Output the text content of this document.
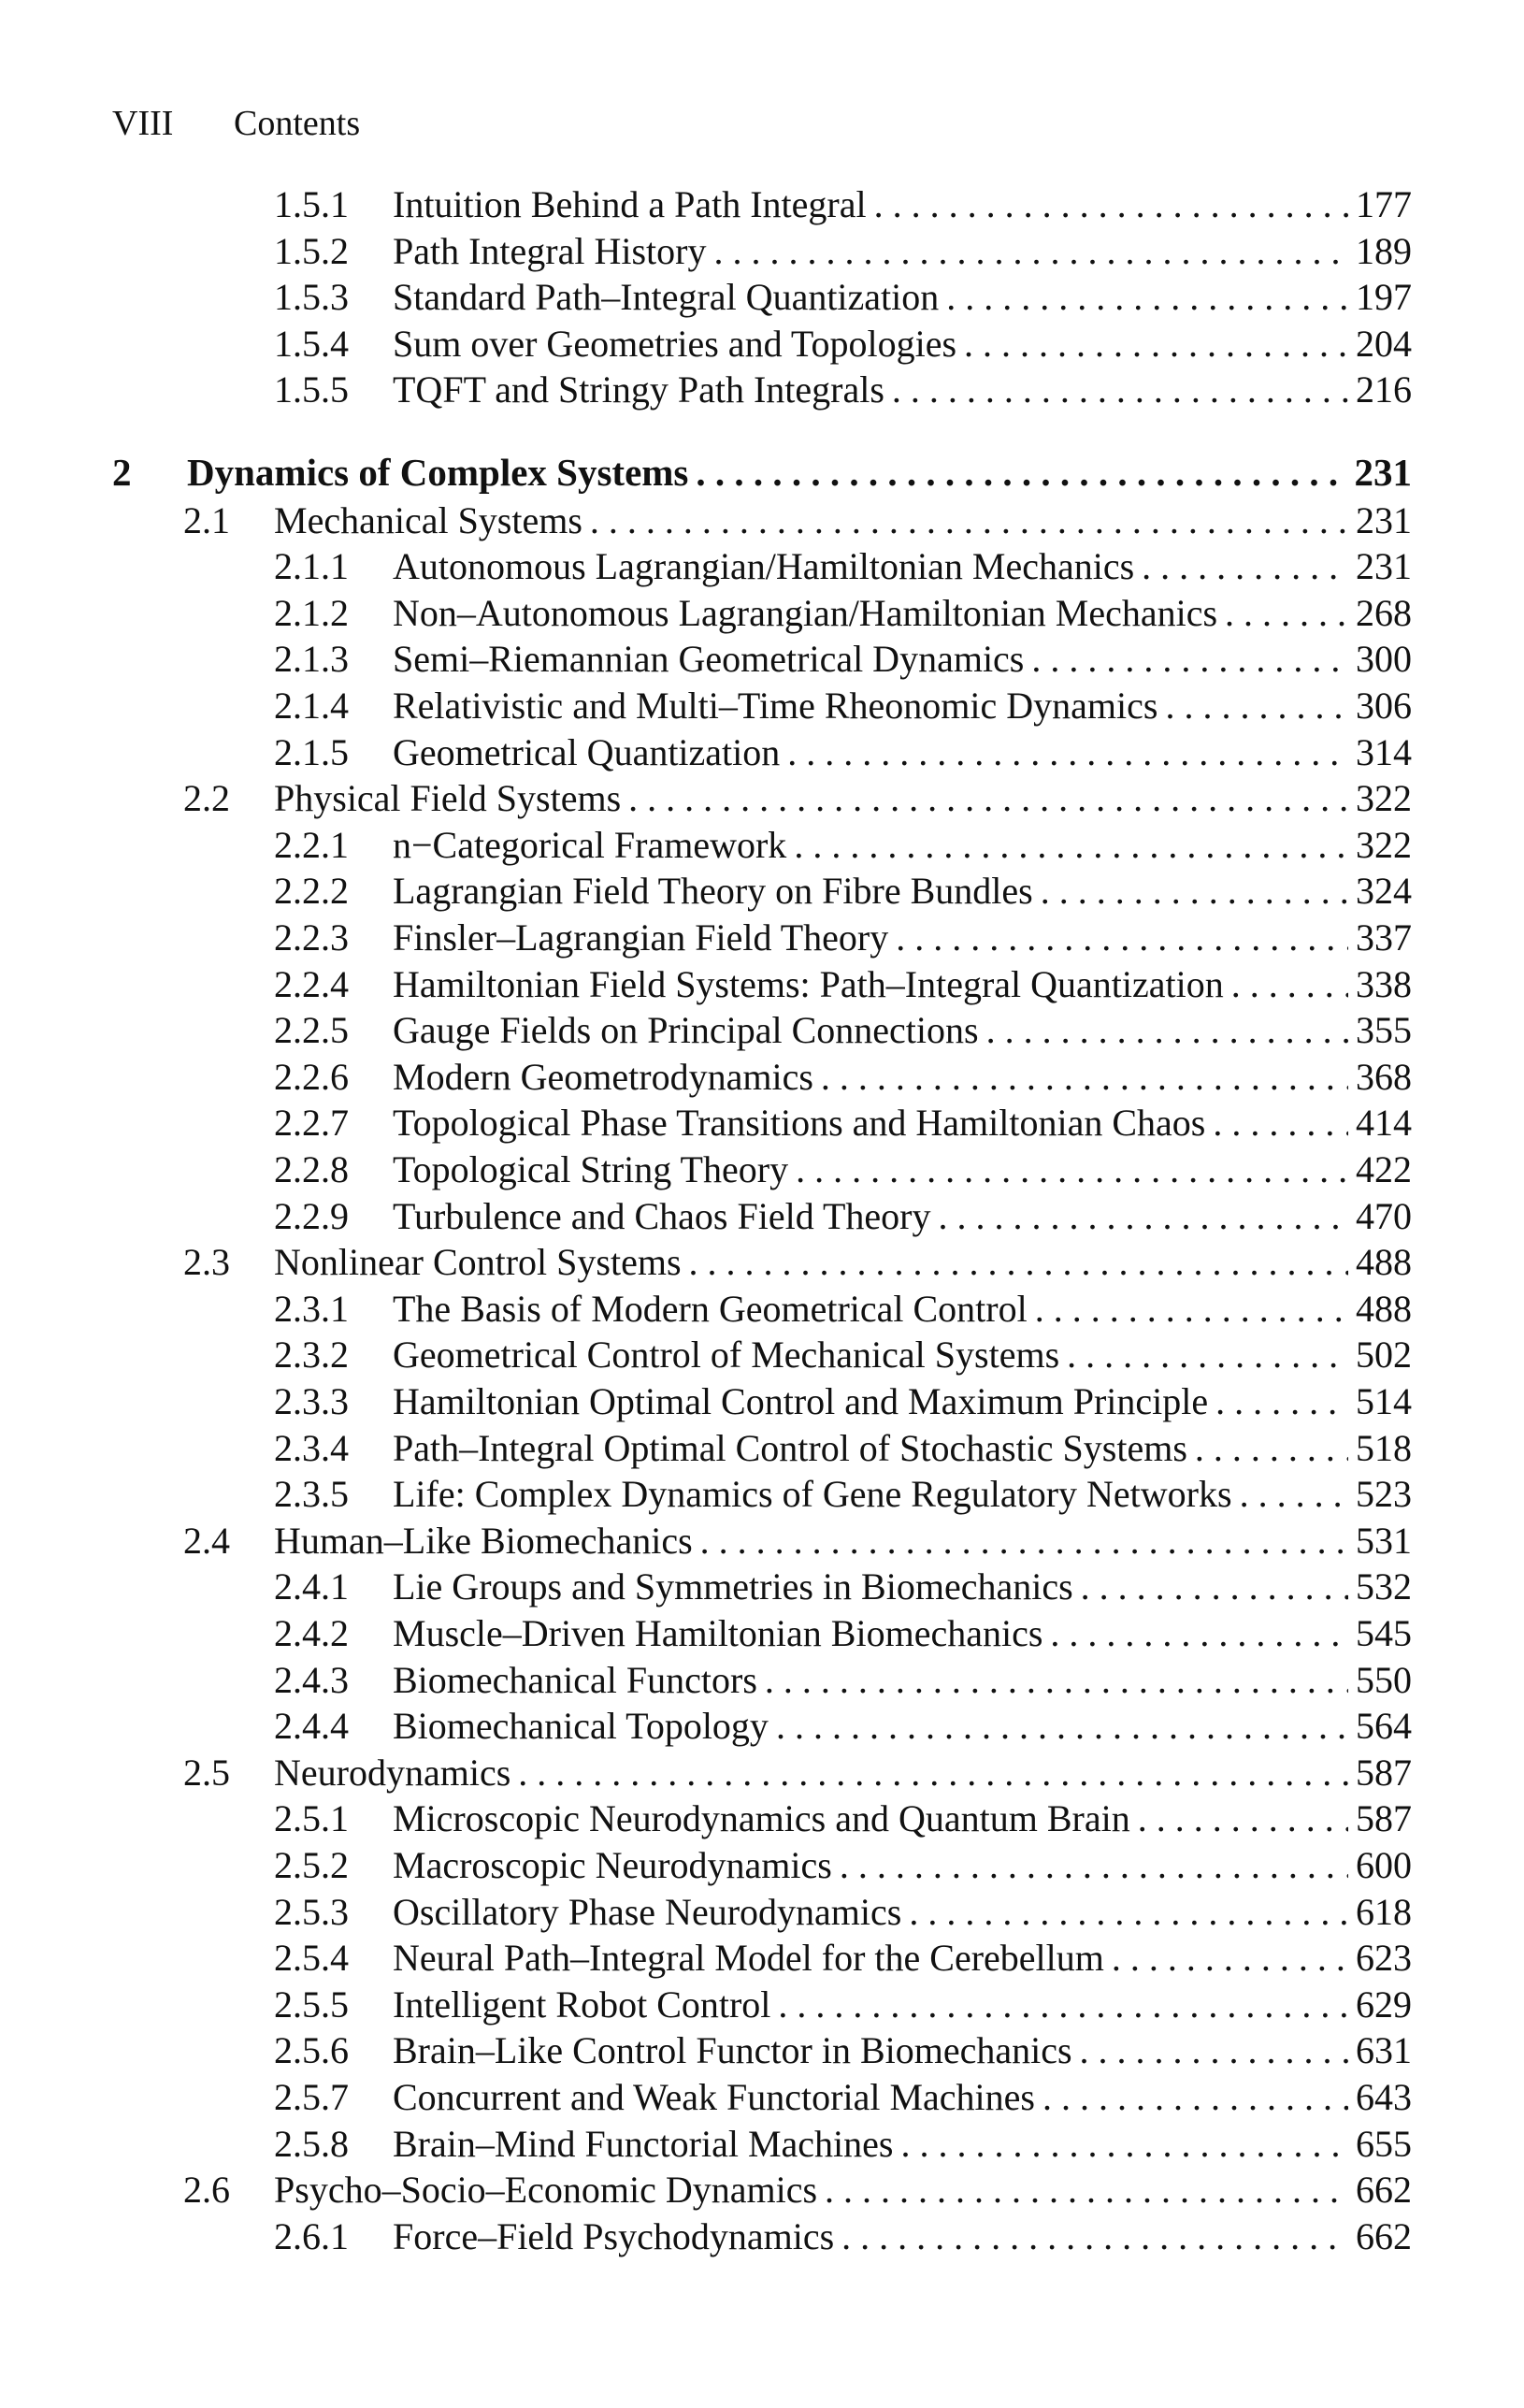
VIII Contents
1.5.1 Intuition Behind a Path Integral . . .	177
1.5.2 Path Integral History . . .	189
1.5.3 Standard Path–Integral Quantization . . .	197
1.5.4 Sum over Geometries and Topologies . . .	204
1.5.5 TQFT and Stringy Path Integrals . . .	216
2 Dynamics of Complex Systems . . .	231
2.1 Mechanical Systems . . .	231
2.1.1 Autonomous Lagrangian/Hamiltonian Mechanics . . .	231
2.1.2 Non–Autonomous Lagrangian/Hamiltonian Mechanics . . .	268
2.1.3 Semi–Riemannian Geometrical Dynamics . . .	300
2.1.4 Relativistic and Multi–Time Rheonomic Dynamics . . .	306
2.1.5 Geometrical Quantization . . .	314
2.2 Physical Field Systems . . .	322
2.2.1 n−Categorical Framework . . .	322
2.2.2 Lagrangian Field Theory on Fibre Bundles . . .	324
2.2.3 Finsler–Lagrangian Field Theory . . .	337
2.2.4 Hamiltonian Field Systems: Path–Integral Quantization . . .	338
2.2.5 Gauge Fields on Principal Connections . . .	355
2.2.6 Modern Geometrodynamics . . .	368
2.2.7 Topological Phase Transitions and Hamiltonian Chaos . . .	414
2.2.8 Topological String Theory . . .	422
2.2.9 Turbulence and Chaos Field Theory . . .	470
2.3 Nonlinear Control Systems . . .	488
2.3.1 The Basis of Modern Geometrical Control . . .	488
2.3.2 Geometrical Control of Mechanical Systems . . .	502
2.3.3 Hamiltonian Optimal Control and Maximum Principle . . .	514
2.3.4 Path–Integral Optimal Control of Stochastic Systems . . .	518
2.3.5 Life: Complex Dynamics of Gene Regulatory Networks . . .	523
2.4 Human–Like Biomechanics . . .	531
2.4.1 Lie Groups and Symmetries in Biomechanics . . .	532
2.4.2 Muscle–Driven Hamiltonian Biomechanics . . .	545
2.4.3 Biomechanical Functors . . .	550
2.4.4 Biomechanical Topology . . .	564
2.5 Neurodynamics . . .	587
2.5.1 Microscopic Neurodynamics and Quantum Brain . . .	587
2.5.2 Macroscopic Neurodynamics . . .	600
2.5.3 Oscillatory Phase Neurodynamics . . .	618
2.5.4 Neural Path–Integral Model for the Cerebellum . . .	623
2.5.5 Intelligent Robot Control . . .	629
2.5.6 Brain–Like Control Functor in Biomechanics . . .	631
2.5.7 Concurrent and Weak Functorial Machines . . .	643
2.5.8 Brain–Mind Functorial Machines . . .	655
2.6 Psycho–Socio–Economic Dynamics . . .	662
2.6.1 Force–Field Psychodynamics . . .	662
